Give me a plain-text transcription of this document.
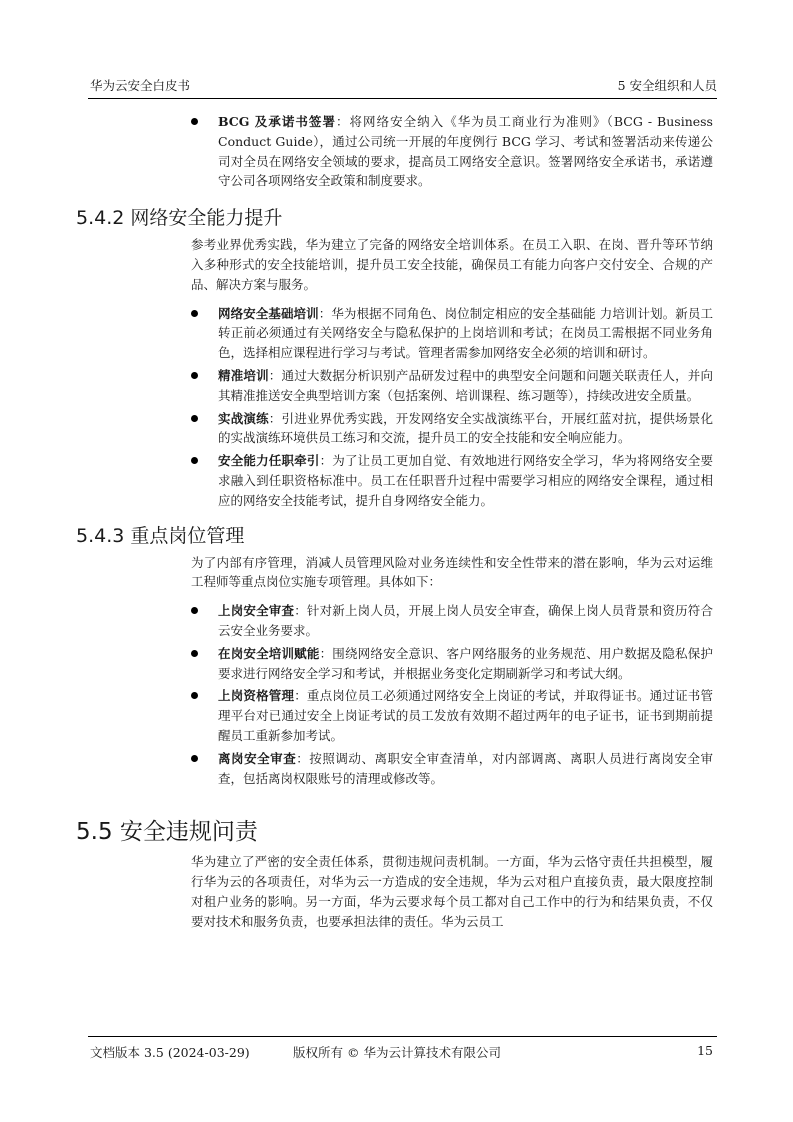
华为云安全白皮书	5 安全组织和人员
BCG 及承诺书签署：将网络安全纳入《华为员工商业行为准则》（BCG - Business Conduct Guide），通过公司统一开展的年度例行 BCG 学习、考试和签署活动来传递公司对全员在网络安全领域的要求，提高员工网络安全意识。签署网络安全承诺书，承诺遵守公司各项网络安全政策和制度要求。
5.4.2 网络安全能力提升

参考业界优秀实践，华为建立了完备的网络安全培训体系。在员工入职、在岗、晋升等环节纳入多种形式的安全技能培训，提升员工安全技能，确保员工有能力向客户交付安全、合规的产品、解决方案与服务。

网络安全基础培训：华为根据不同角色、岗位制定相应的安全基础能 力培训计划。新员工转正前必须通过有关网络安全与隐私保护的上岗培训和考试；在岗员工需根据不同业务角色，选择相应课程进行学习与考试。管理者需参加网络安全必须的培训和研讨。
精准培训：通过大数据分析识别产品研发过程中的典型安全问题和问题关联责任人，并向其精准推送安全典型培训方案（包括案例、培训课程、练习题等），持续改进安全质量。
实战演练：引进业界优秀实践，开发网络安全实战演练平台，开展红蓝对抗，提供场景化的实战演练环境供员工练习和交流，提升员工的安全技能和安全响应能力。
安全能力任职牵引：为了让员工更加自觉、有效地进行网络安全学习，华为将网络安全要求融入到任职资格标准中。员工在任职晋升过程中需要学习相应的网络安全课程，通过相应的网络安全技能考试，提升自身网络安全能力。
5.4.3 重点岗位管理

为了内部有序管理，消减人员管理风险对业务连续性和安全性带来的潜在影响，华为云对运维工程师等重点岗位实施专项管理。具体如下：

上岗安全审查：针对新上岗人员，开展上岗人员安全审查，确保上岗人员背景和资历符合云安全业务要求。
在岗安全培训赋能：围绕网络安全意识、客户网络服务的业务规范、用户数据及隐私保护要求进行网络安全学习和考试，并根据业务变化定期刷新学习和考试大纲。
上岗资格管理：重点岗位员工必须通过网络安全上岗证的考试，并取得证书。通过证书管理平台对已通过安全上岗证考试的员工发放有效期不超过两年的电子证书，证书到期前提醒员工重新参加考试。
离岗安全审查：按照调动、离职安全审查清单，对内部调离、离职人员进行离岗安全审查，包括离岗权限账号的清理或修改等。
5.5 安全违规问责

华为建立了严密的安全责任体系，贯彻违规问责机制。一方面，华为云恪守责任共担模型，履行华为云的各项责任，对华为云一方造成的安全违规，华为云对租户直接负责，最大限度控制对租户业务的影响。另一方面，华为云要求每个员工都对自己工作中的行为和结果负责，不仅要对技术和服务负责，也要承担法律的责任。华为云员工

文档版本 3.5 (2024-03-29)	版权所有 © 华为云计算技术有限公司	15
